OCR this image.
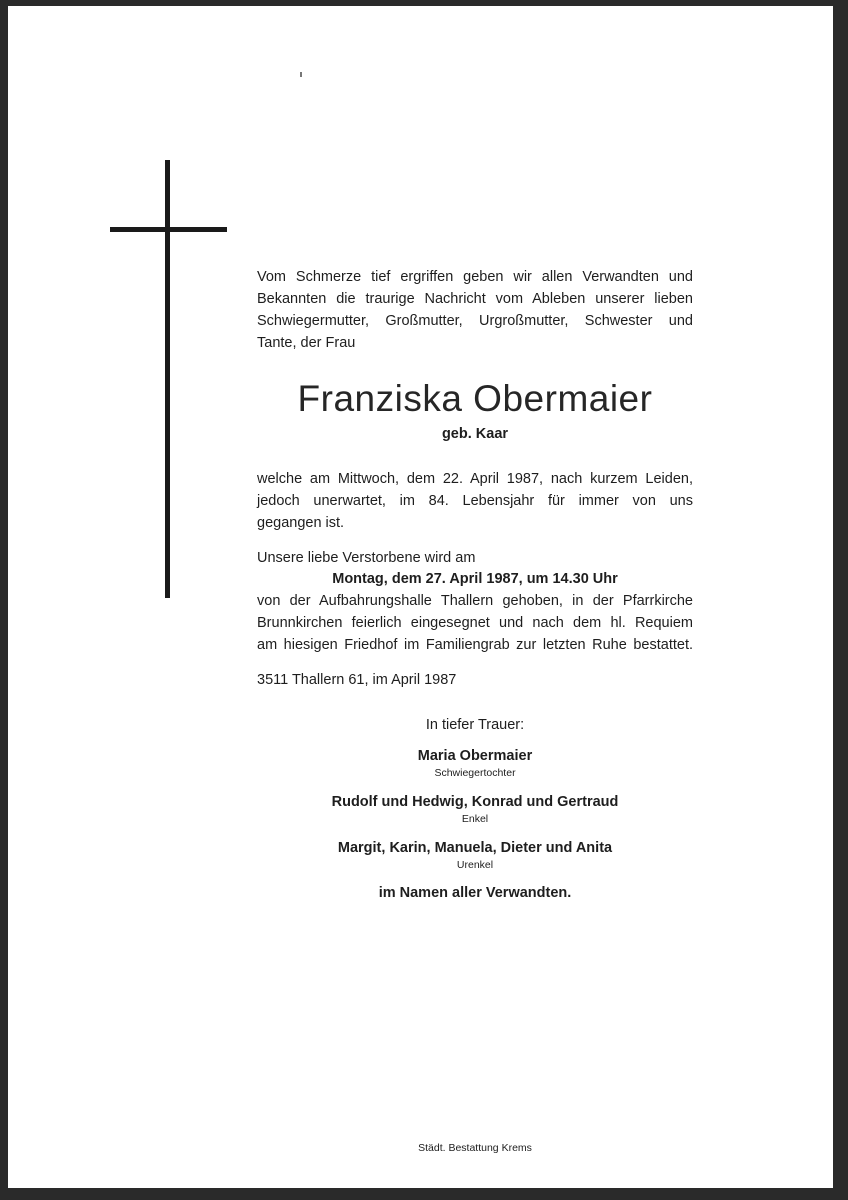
Vom Schmerze tief ergriffen geben wir allen Verwandten und
Bekannten die traurige Nachricht vom Ableben unserer lieben
Schwiegermutter, Großmutter, Urgroßmutter, Schwester und
Tante, der Frau
Franziska Obermaier
geb. Kaar
welche am Mittwoch, dem 22. April 1987, nach kurzem Leiden,
jedoch unerwartet, im 84. Lebensjahr für immer von uns
gegangen ist.
Unsere liebe Verstorbene wird am
Montag, dem 27. April 1987, um 14.30 Uhr
von der Aufbahrungshalle Thallern gehoben, in der Pfarrkirche
Brunnkirchen feierlich eingesegnet und nach dem hl. Requiem
am hiesigen Friedhof im Familiengrab zur letzten Ruhe bestattet.
3511 Thallern 61, im April 1987
In tiefer Trauer:
Maria Obermaier
Schwiegertochter
Rudolf und Hedwig, Konrad und Gertraud
Enkel
Margit, Karin, Manuela, Dieter und Anita
Urenkel
im Namen aller Verwandten.
Städt. Bestattung Krems
